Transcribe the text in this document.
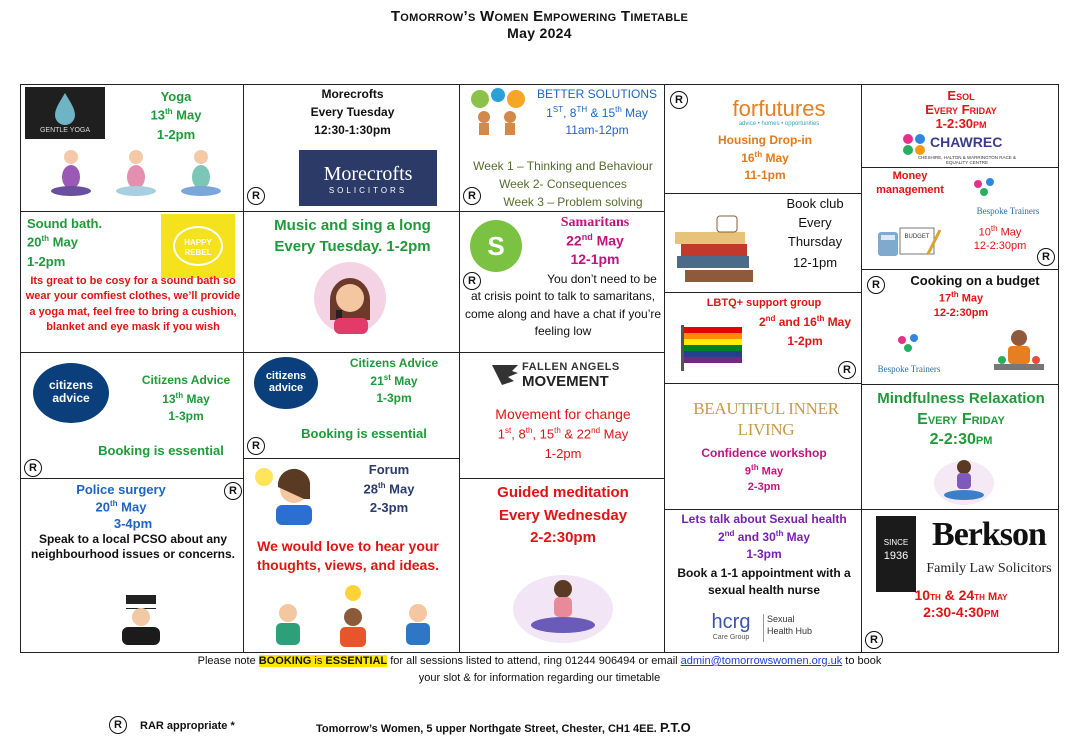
Tomorrow’s Women Empowering Timetable
May 2024
GENTLE YOGA
Yoga
13th May
1-2pm
Sound bath.
20th May
1-2pm
HAPPY REBEL
Its great to be cosy for a sound bath so wear your comfiest clothes, we’ll provide a yoga mat, feel free to bring a cushion, blanket and eye mask if you wish
citizens
advice
Citizens Advice
13th May
1-3pm
Booking is essential
R
Police surgery
20th May
3-4pm
Speak to a local PCSO about any neighbourhood issues or concerns.
R
Morecrofts
Every Tuesday
12:30-1:30pm
Morecrofts
SOLICITORS
R
Music and sing a long
Every Tuesday. 1-2pm
citizens
advice
Citizens Advice
21st May
1-3pm
Booking is essential
R
Forum
28th May
2-3pm
We would love to hear your thoughts, views, and ideas.
BETTER SOLUTIONS
1ST, 8TH & 15th May
11am-12pm
Week 1 – Thinking and Behaviour
Week 2- Consequences
Week 3 – Problem solving
R
S
Samaritans
22nd May
12-1pm
You don’t need to be at crisis point to talk to samaritans, come along and have a chat if you’re feeling low
R
FALLEN ANGELS
MOVEMENT
Movement for change
1st, 8th, 15th & 22nd May
1-2pm
Guided meditation
Every Wednesday
2-2:30pm
forfutures
advice • homes • opportunities
Housing Drop-in
16th May
11-1pm
R
Book club
Every
Thursday
12-1pm
LBTQ+ support group
2nd and 16th May
1-2pm
R
BEAUTIFUL INNER LIVING
Confidence workshop
9th May
2-3pm
Lets talk about Sexual health
2nd and 30th May
1-3pm
Book a 1-1 appointment with a sexual health nurse
hcrg
Care Group
Sexual
Health Hub
Esol
Every Friday
1-2:30pm
CHAWREC
CHESHIRE, HALTON & WARRINGTON RACE & EQUALITY CENTRE
Money management
Bespoke Trainers
BUDGET	10th May
12-2:30pm
R
Cooking on a budget
17th May
12-2:30pm
Bespoke Trainers
R
Mindfulness Relaxation
Every Friday
2-2:30pm
SINCE
1936
Berkson
Family Law Solicitors
10th & 24th May
2:30-4:30pm
R
Please note BOOKING is ESSENTIAL for all sessions listed to attend, ring 01244 906494 or email admin@tomorrowswomen.org.uk to book
your slot & for information regarding our timetable
R	RAR appropriate *	Tomorrow’s Women, 5 upper Northgate Street, Chester, CH1 4EE. P.T.O
